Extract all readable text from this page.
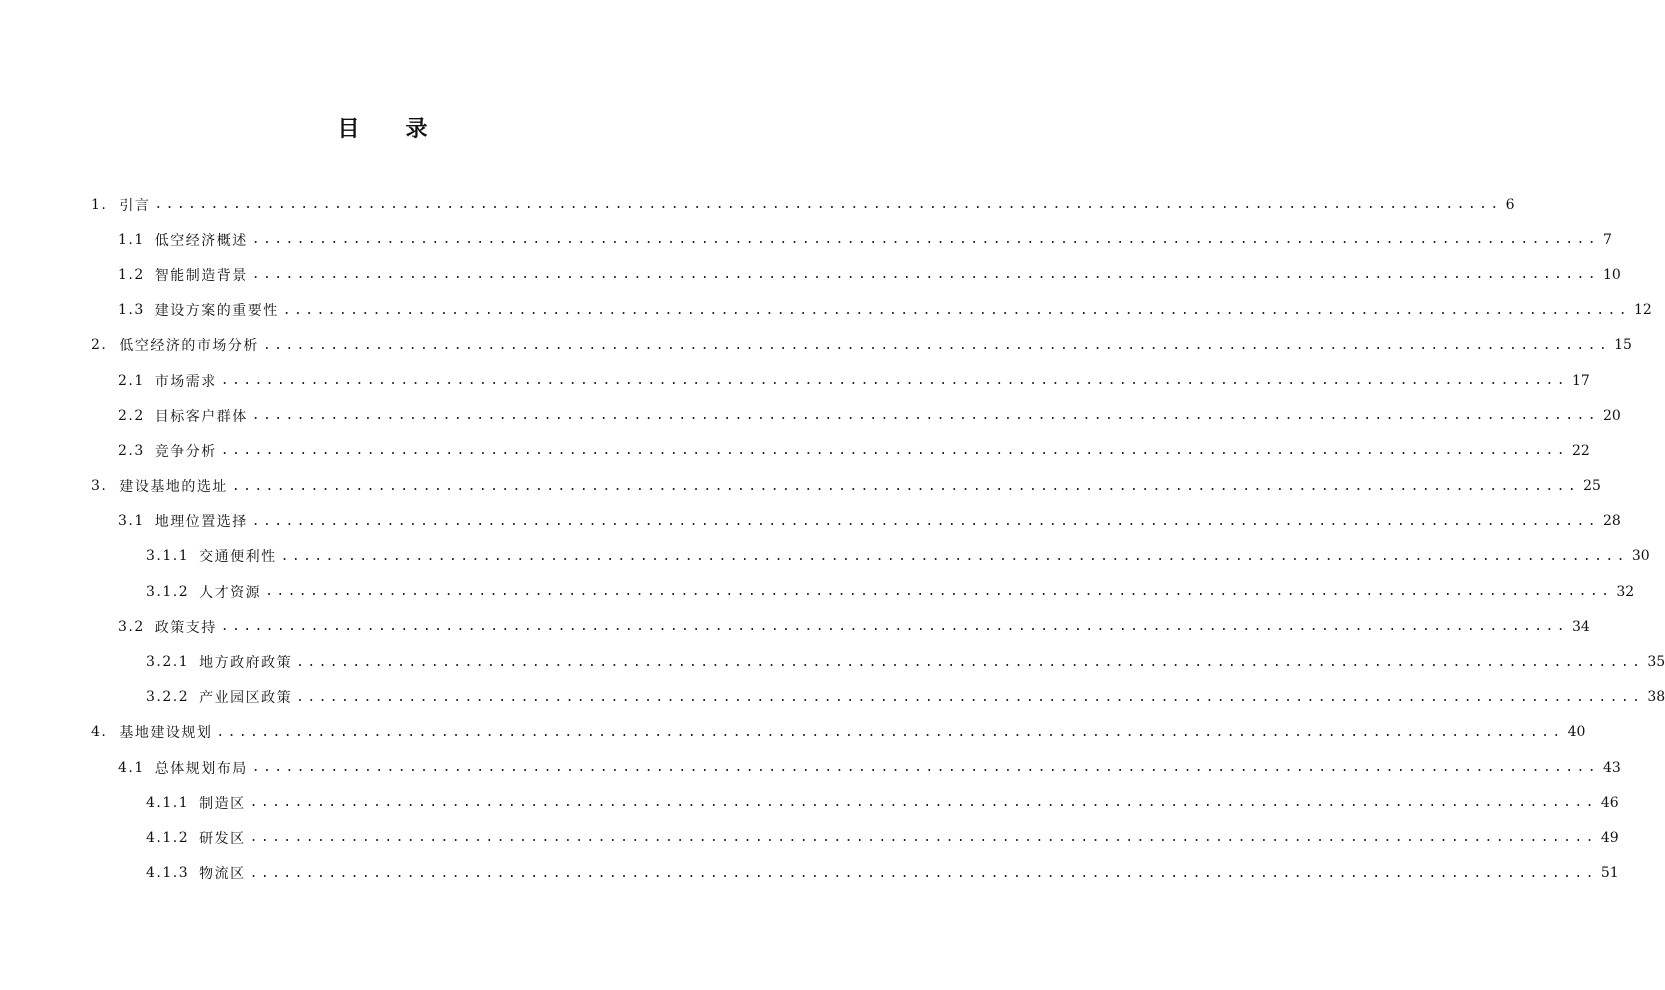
目 录
1. 引言 ........................................................................................................................ 6
1.1 低空经济概述 ........................................................................................................................ 7
1.2 智能制造背景 ........................................................................................................................ 10
1.3 建设方案的重要性 ........................................................................................................................ 12
2. 低空经济的市场分析 ........................................................................................................................ 15
2.1 市场需求 ........................................................................................................................ 17
2.2 目标客户群体 ........................................................................................................................ 20
2.3 竞争分析 ........................................................................................................................ 22
3. 建设基地的选址 ........................................................................................................................ 25
3.1 地理位置选择 ........................................................................................................................ 28
3.1.1 交通便利性 ........................................................................................................................ 30
3.1.2 人才资源 ........................................................................................................................ 32
3.2 政策支持 ........................................................................................................................ 34
3.2.1 地方政府政策 ........................................................................................................................ 35
3.2.2 产业园区政策 ........................................................................................................................ 38
4. 基地建设规划 ........................................................................................................................ 40
4.1 总体规划布局 ........................................................................................................................ 43
4.1.1 制造区 ........................................................................................................................ 46
4.1.2 研发区 ........................................................................................................................ 49
4.1.3 物流区 ........................................................................................................................ 51
